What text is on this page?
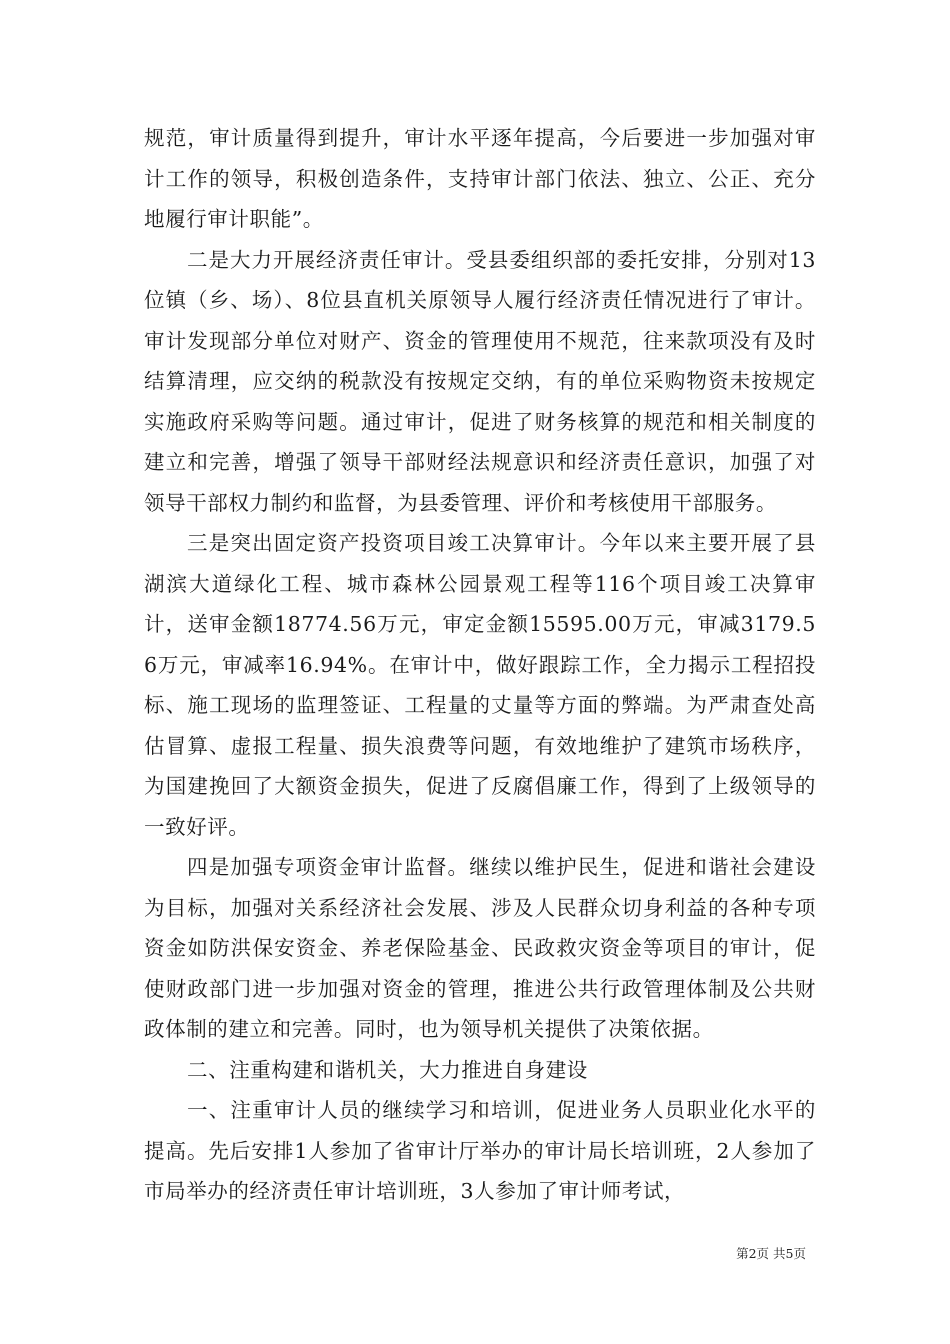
规范，审计质量得到提升，审计水平逐年提高，今后要进一步加强对审计工作的领导，积极创造条件，支持审计部门依法、独立、公正、充分地履行审计职能”。

二是大力开展经济责任审计。受县委组织部的委托安排，分别对13位镇（乡、场）、8位县直机关原领导人履行经济责任情况进行了审计。审计发现部分单位对财产、资金的管理使用不规范，往来款项没有及时结算清理，应交纳的税款没有按规定交纳，有的单位采购物资未按规定实施政府采购等问题。通过审计，促进了财务核算的规范和相关制度的建立和完善，增强了领导干部财经法规意识和经济责任意识，加强了对领导干部权力制约和监督，为县委管理、评价和考核使用干部服务。

三是突出固定资产投资项目竣工决算审计。今年以来主要开展了县湖滨大道绿化工程、城市森林公园景观工程等116个项目竣工决算审计，送审金额18774.56万元，审定金额15595.00万元，审减3179.56万元，审减率16.94%。在审计中，做好跟踪工作，全力揭示工程招投标、施工现场的监理签证、工程量的丈量等方面的弊端。为严肃查处高估冒算、虚报工程量、损失浪费等问题，有效地维护了建筑市场秩序，为国建挽回了大额资金损失，促进了反腐倡廉工作，得到了上级领导的一致好评。

四是加强专项资金审计监督。继续以维护民生，促进和谐社会建设为目标，加强对关系经济社会发展、涉及人民群众切身利益的各种专项资金如防洪保安资金、养老保险基金、民政救灾资金等项目的审计，促使财政部门进一步加强对资金的管理，推进公共行政管理体制及公共财政体制的建立和完善。同时，也为领导机关提供了决策依据。

二、注重构建和谐机关，大力推进自身建设

一、注重审计人员的继续学习和培训，促进业务人员职业化水平的提高。先后安排1人参加了省审计厅举办的审计局长培训班，2人参加了市局举办的经济责任审计培训班，3人参加了审计师考试，

第2页 共5页
